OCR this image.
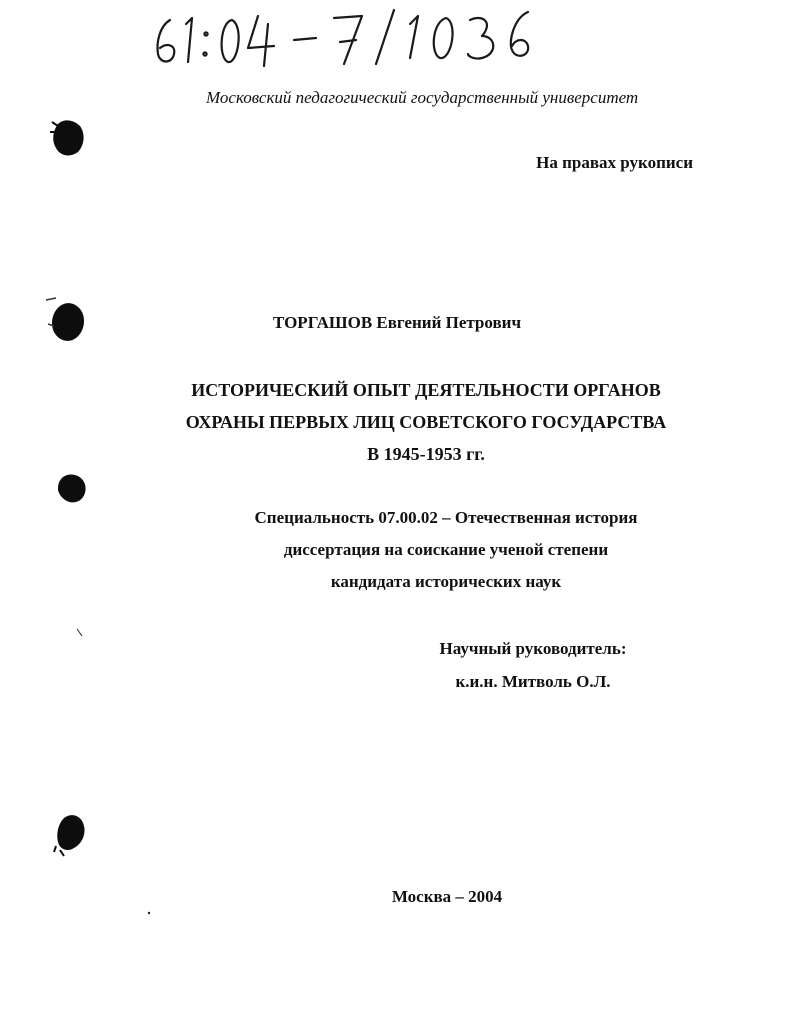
Московский педагогический государственный университет
На правах рукописи
ТОРГАШОВ Евгений Петрович
ИСТОРИЧЕСКИЙ ОПЫТ ДЕЯТЕЛЬНОСТИ ОРГАНОВ
ОХРАНЫ ПЕРВЫХ ЛИЦ СОВЕТСКОГО ГОСУДАРСТВА
В 1945-1953 гг.
Специальность 07.00.02 – Отечественная история
диссертация на соискание ученой степени
кандидата исторических наук
Научный руководитель:
к.и.н. Митволь О.Л.
Москва – 2004
